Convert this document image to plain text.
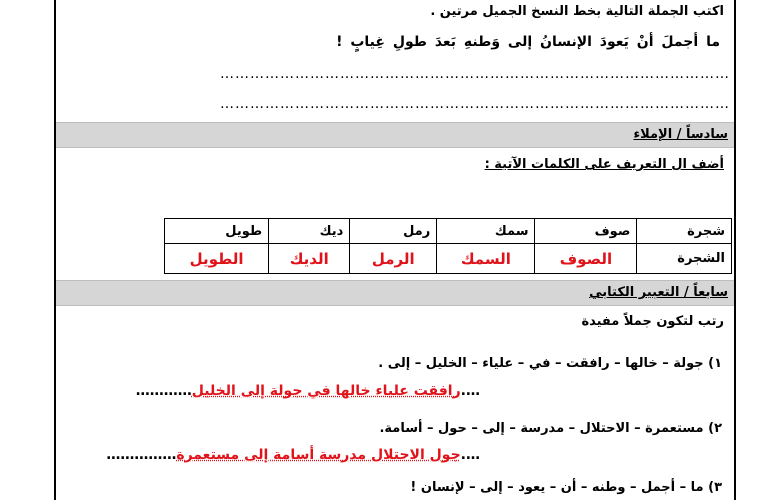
اكتب الجملة التالية بخط النسخ الجميل مرتين .
ما أجملَ أنْ يَعودَ الإنسانُ إلى وَطنهِ بَعدَ طولِ غِيابٍ !
…………………………………………………………………………………………
…………………………………………………………………………………………
سادساً / الإملاء
أضف ال التعريف على الكلمات الآتية :
شجرة	صوف	سمك	رمل	ديك	طويل
الشجرة	الصوف	السمك	الرمل	الديك	الطويل
سابعاً / التعبير الكتابي
رتب لتكون جملاً مفيدة
١) جولة – خالها – رافقت – في – علياء – الخليل – إلى .
….رافقت علياء خالها في جولة إلى الخليل…………
٢) مستعمرة – الاحتلال – مدرسة – إلى – حول – أسامة.
….جول الاحتلال مدرسة أسامة إلى مستعمرة……………
٣) ما – أجمل – وطنه – أن – يعود – إلى – لإنسان !
